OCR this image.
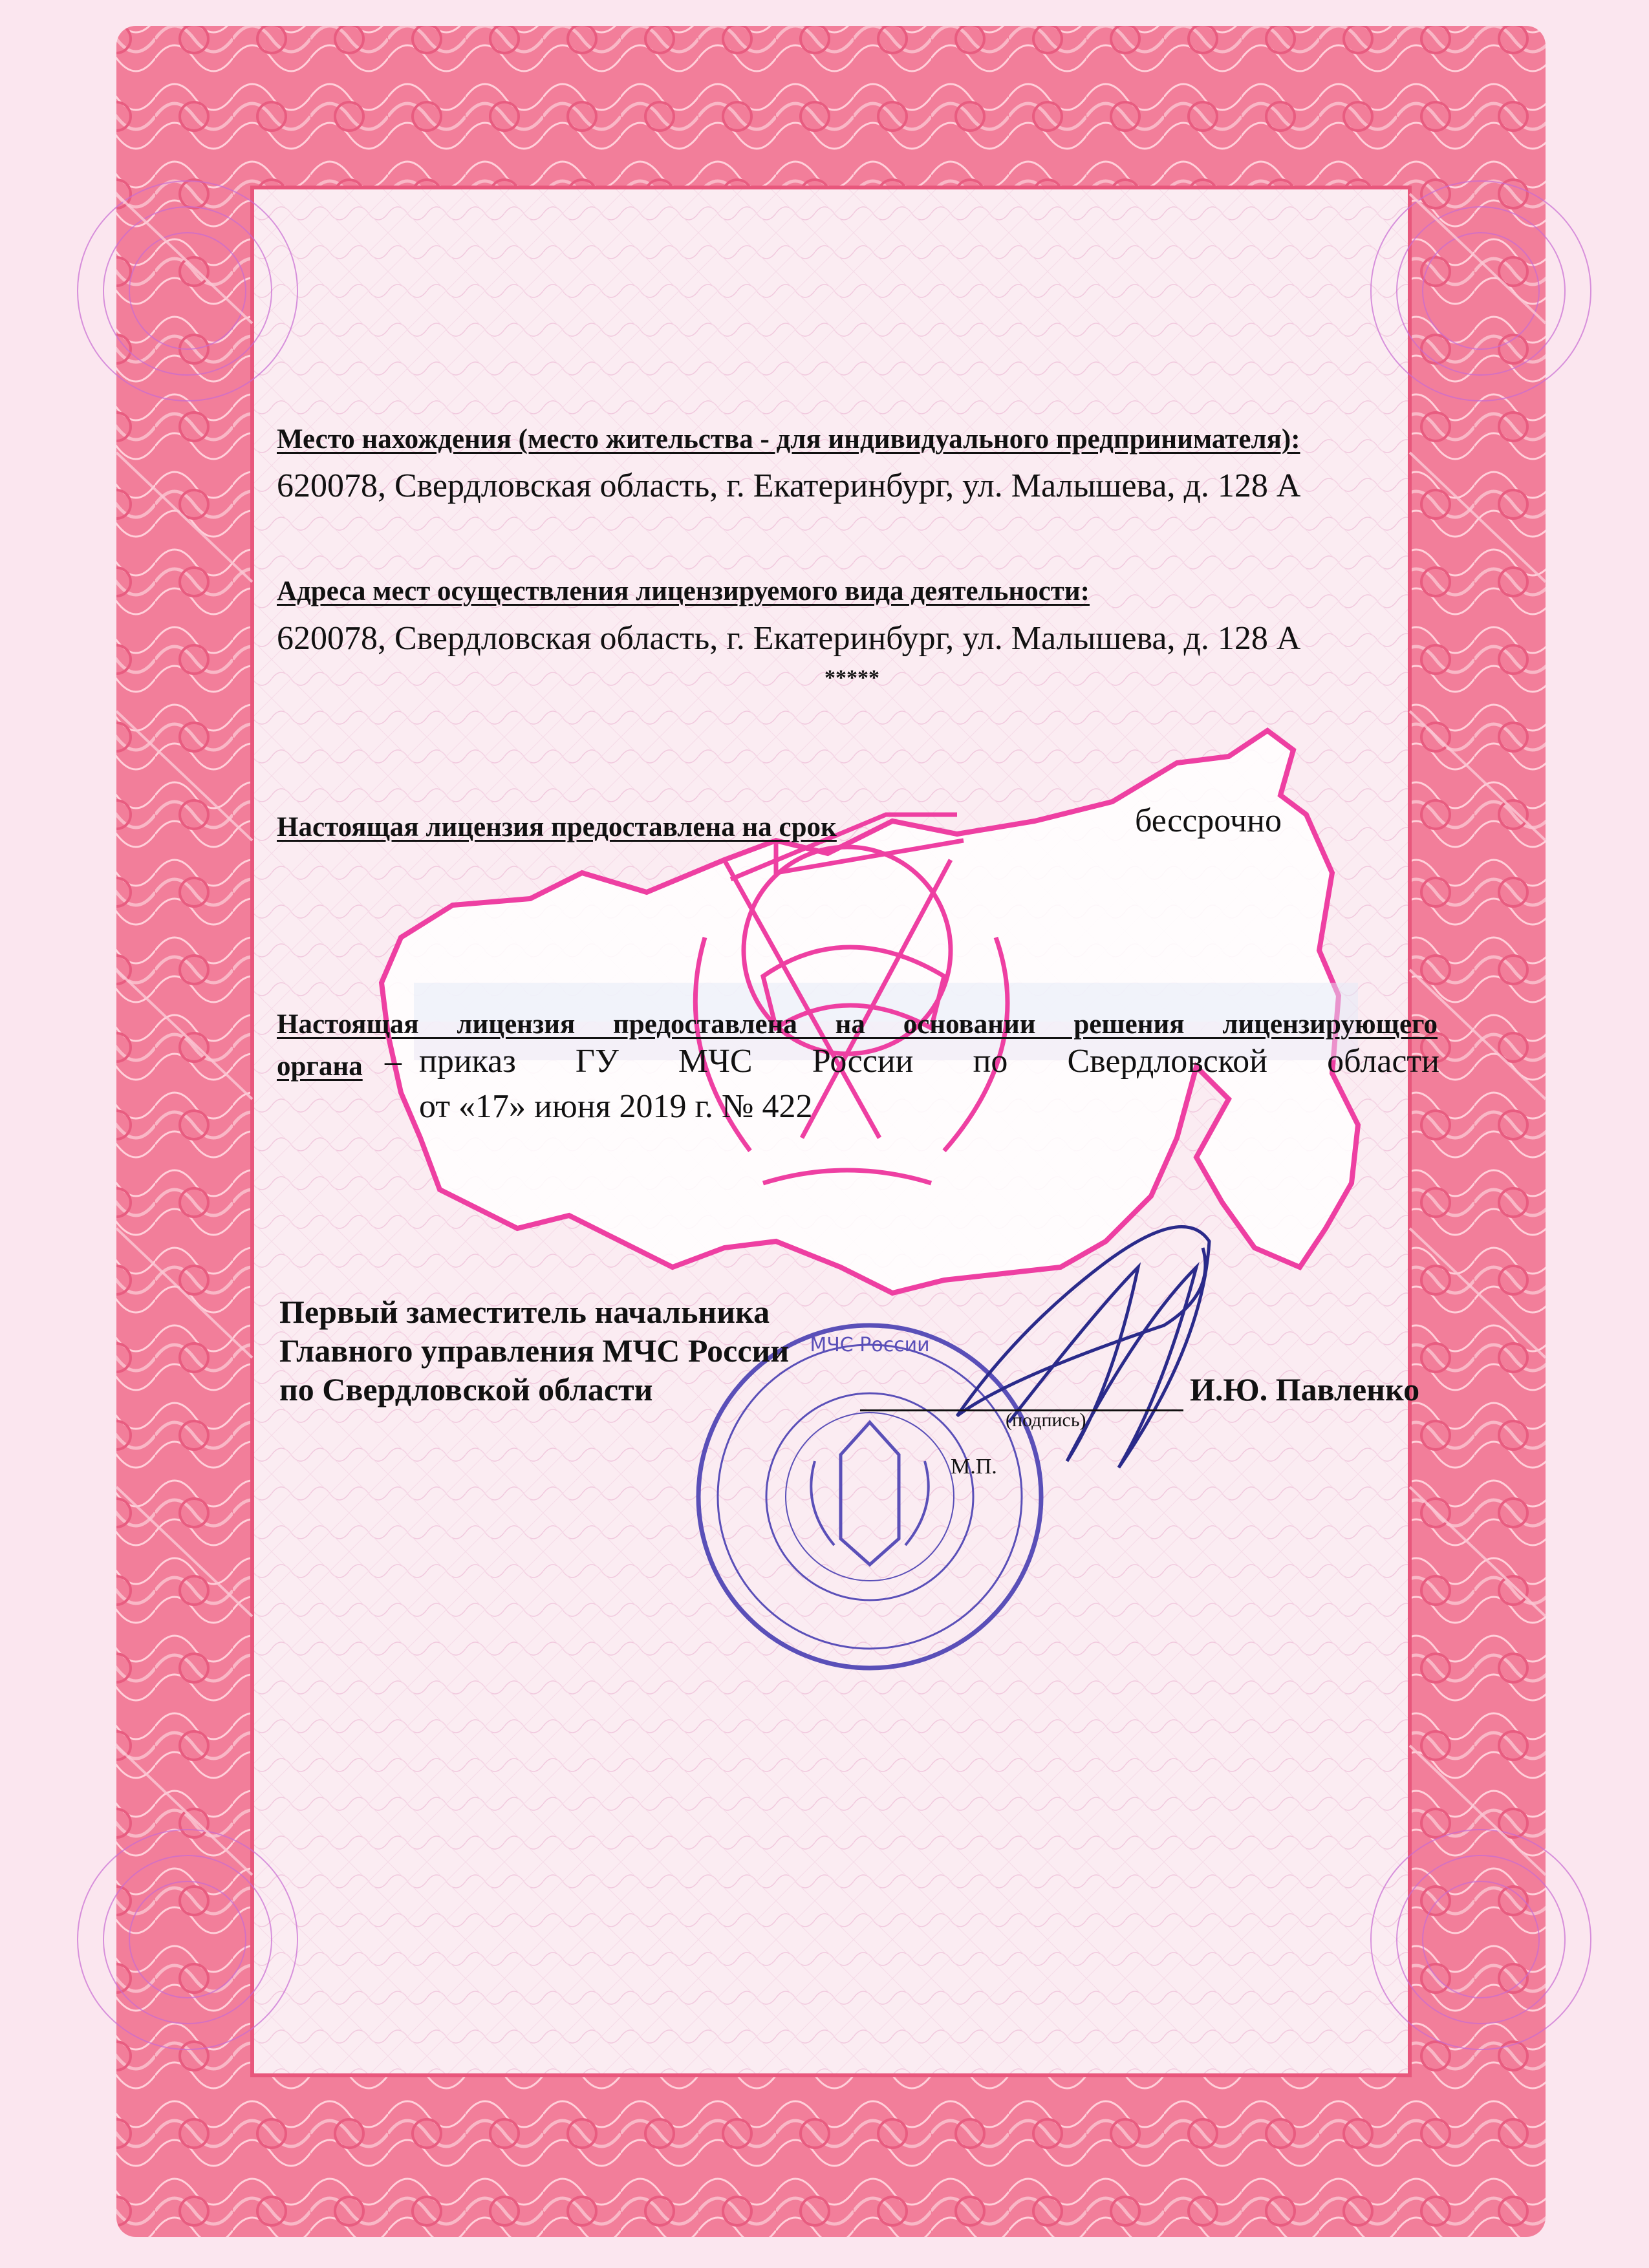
МЧС России
Место нахождения (место жительства - для индивидуального предпринимателя):
620078, Свердловская область, г. Екатеринбург, ул. Малышева, д. 128 А
Адреса мест осуществления лицензируемого вида деятельности:
620078, Свердловская область, г. Екатеринбург, ул. Малышева, д. 128 А
*****
Настоящая лицензия предоставлена на срок	бессрочно
Настоящая лицензия предоставлена на основании решения лицензирующего
органа – приказ ГУ МЧС России по Свердловской области
от «17» июня 2019 г. № 422
Первый заместитель начальника
Главного управления МЧС России
по Свердловской области
(подпись)
И.Ю. Павленко
М.П.
